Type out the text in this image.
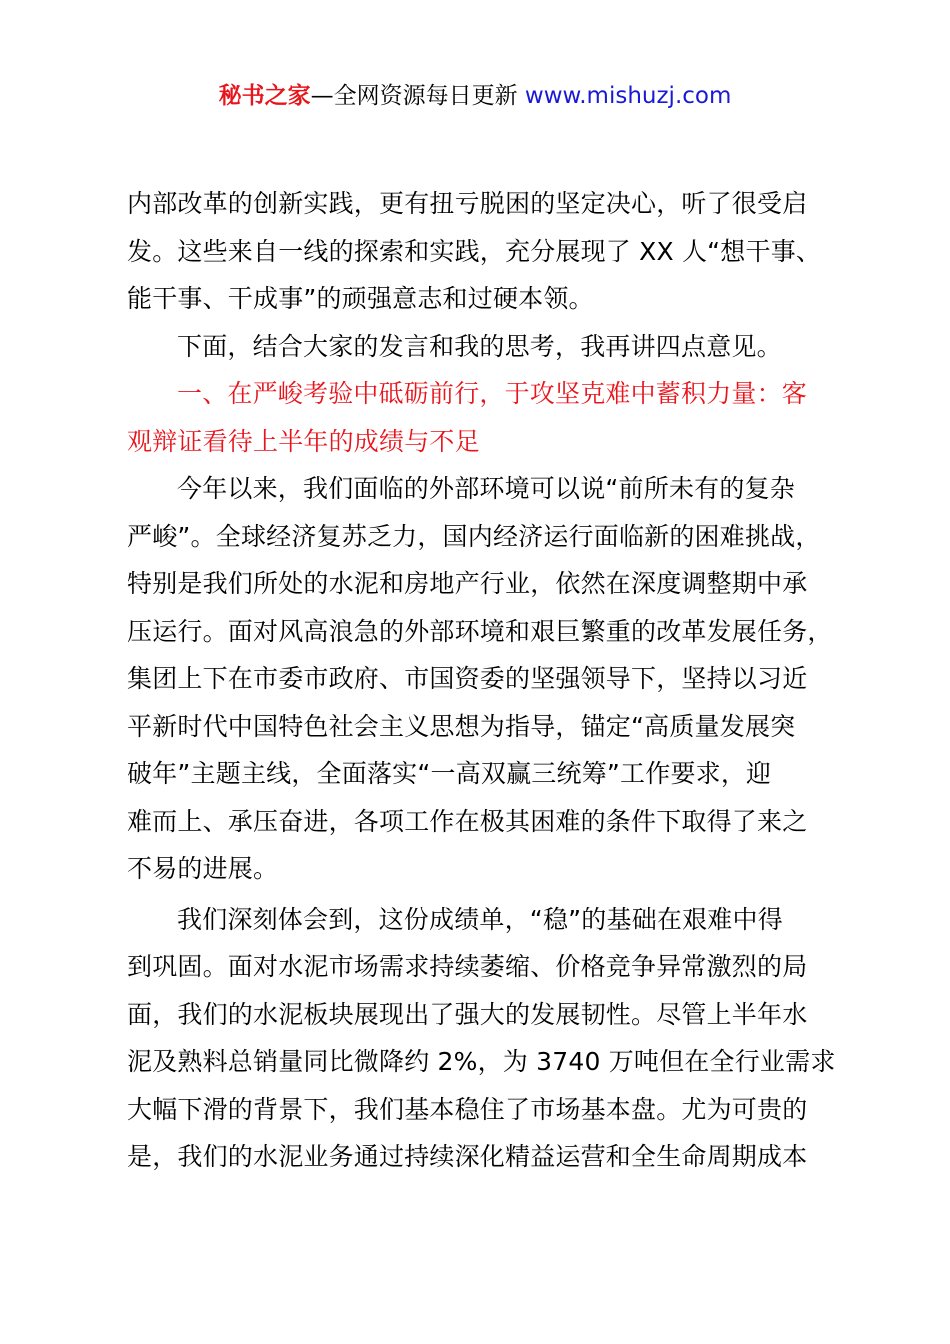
秘书之家—全网资源每日更新 www.mishuzj.com
内部改革的创新实践，更有扭亏脱困的坚定决心，听了很受启
发。这些来自一线的探索和实践，充分展现了 XX 人“想干事、
能干事、干成事”的顽强意志和过硬本领。
下面，结合大家的发言和我的思考，我再讲四点意见。
一、在严峻考验中砥砺前行，于攻坚克难中蓄积力量：客
观辩证看待上半年的成绩与不足
今年以来，我们面临的外部环境可以说“前所未有的复杂
严峻”。全球经济复苏乏力，国内经济运行面临新的困难挑战，
特别是我们所处的水泥和房地产行业，依然在深度调整期中承
压运行。面对风高浪急的外部环境和艰巨繁重的改革发展任务，
集团上下在市委市政府、市国资委的坚强领导下，坚持以习近
平新时代中国特色社会主义思想为指导，锚定“高质量发展突
破年”主题主线，全面落实“一高双赢三统筹”工作要求，迎
难而上、承压奋进，各项工作在极其困难的条件下取得了来之
不易的进展。
我们深刻体会到，这份成绩单，“稳”的基础在艰难中得
到巩固。面对水泥市场需求持续萎缩、价格竞争异常激烈的局
面，我们的水泥板块展现出了强大的发展韧性。尽管上半年水
泥及熟料总销量同比微降约 2%，为 3740 万吨但在全行业需求
大幅下滑的背景下，我们基本稳住了市场基本盘。尤为可贵的
是，我们的水泥业务通过持续深化精益运营和全生命周期成本
